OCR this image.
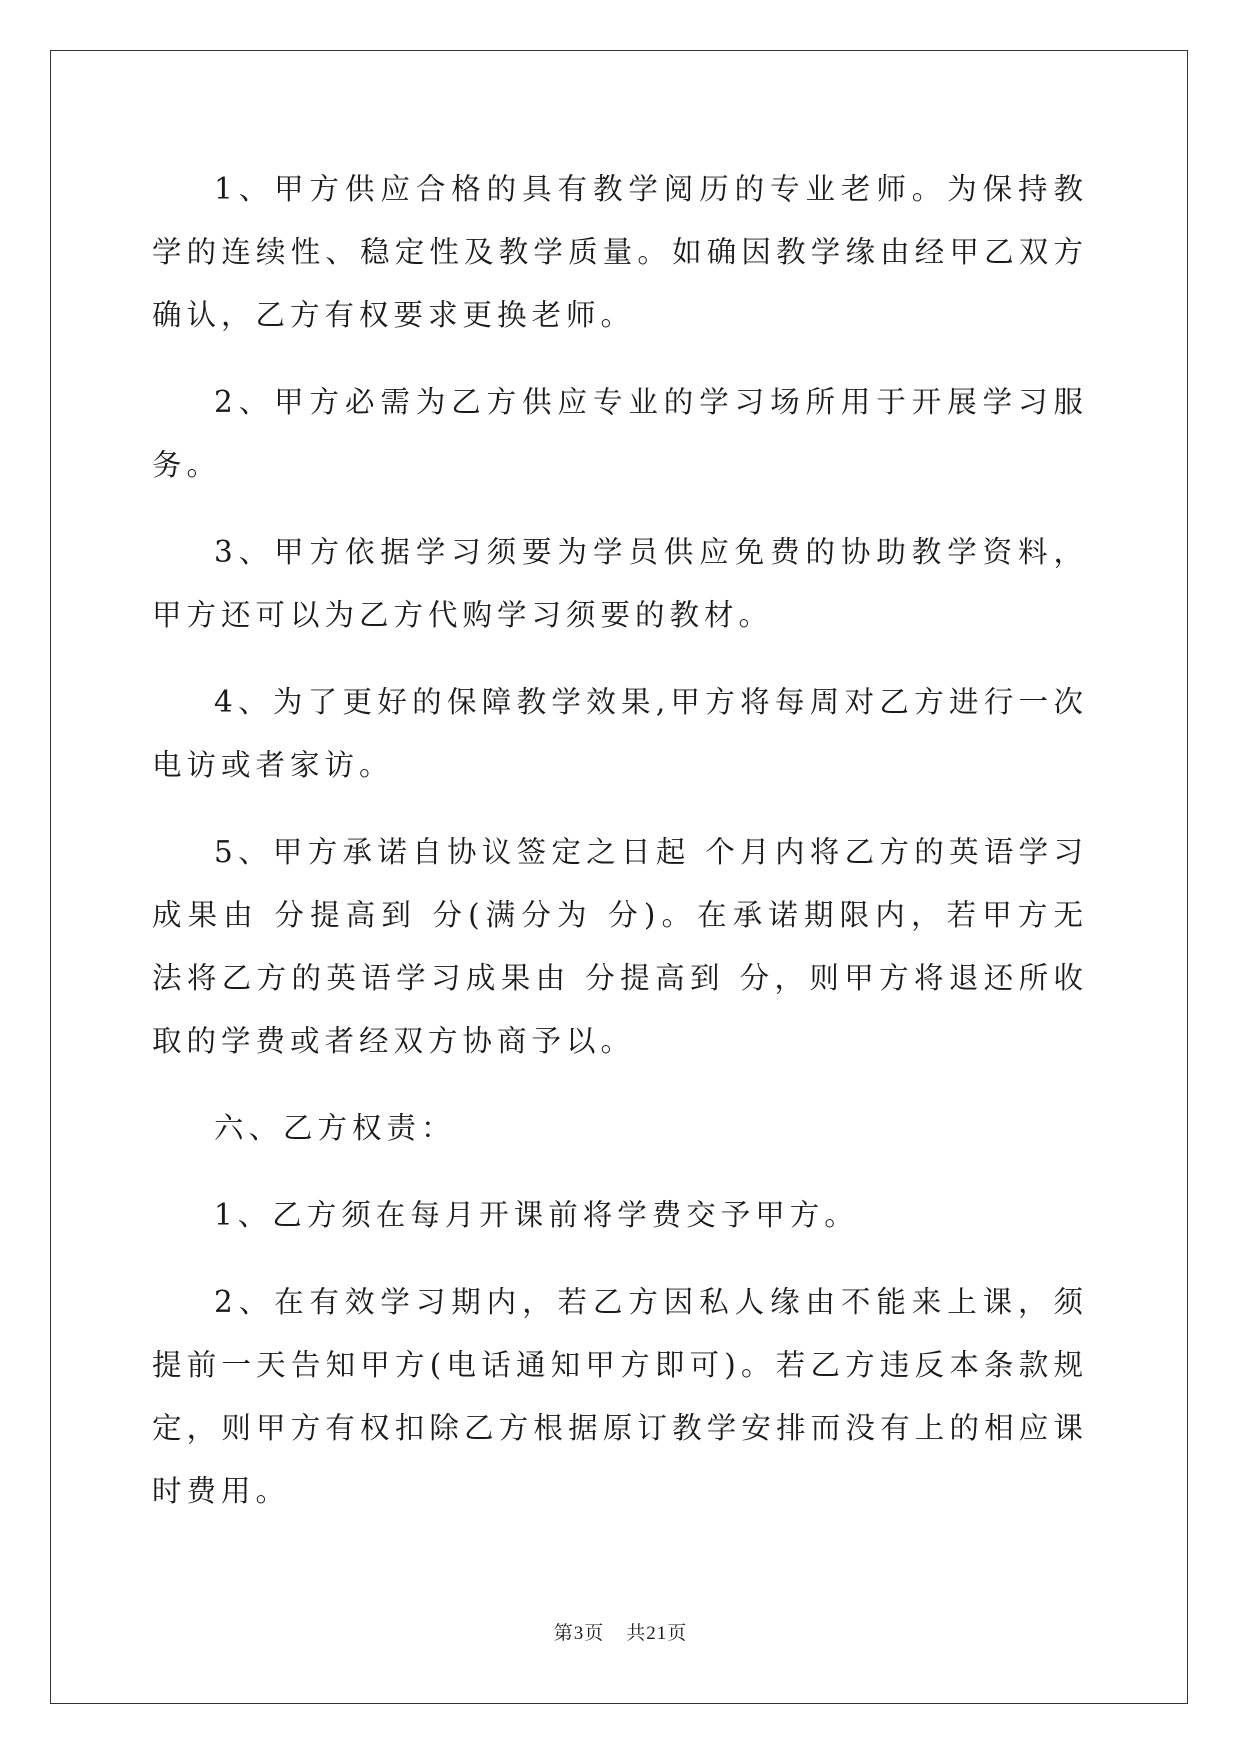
1、甲方供应合格的具有教学阅历的专业老师。为保持教学的连续性、稳定性及教学质量。如确因教学缘由经甲乙双方确认，乙方有权要求更换老师。

2、甲方必需为乙方供应专业的学习场所用于开展学习服务。

3、甲方依据学习须要为学员供应免费的协助教学资料，甲方还可以为乙方代购学习须要的教材。

4、为了更好的保障教学效果,甲方将每周对乙方进行一次电访或者家访。

5、甲方承诺自协议签定之日起 个月内将乙方的英语学习成果由 分提高到 分(满分为 分)。在承诺期限内，若甲方无法将乙方的英语学习成果由 分提高到 分，则甲方将退还所收取的学费或者经双方协商予以。

六、乙方权责：

1、乙方须在每月开课前将学费交予甲方。

2、在有效学习期内，若乙方因私人缘由不能来上课，须提前一天告知甲方(电话通知甲方即可)。若乙方违反本条款规定，则甲方有权扣除乙方根据原订教学安排而没有上的相应课时费用。

第3页 共21页
